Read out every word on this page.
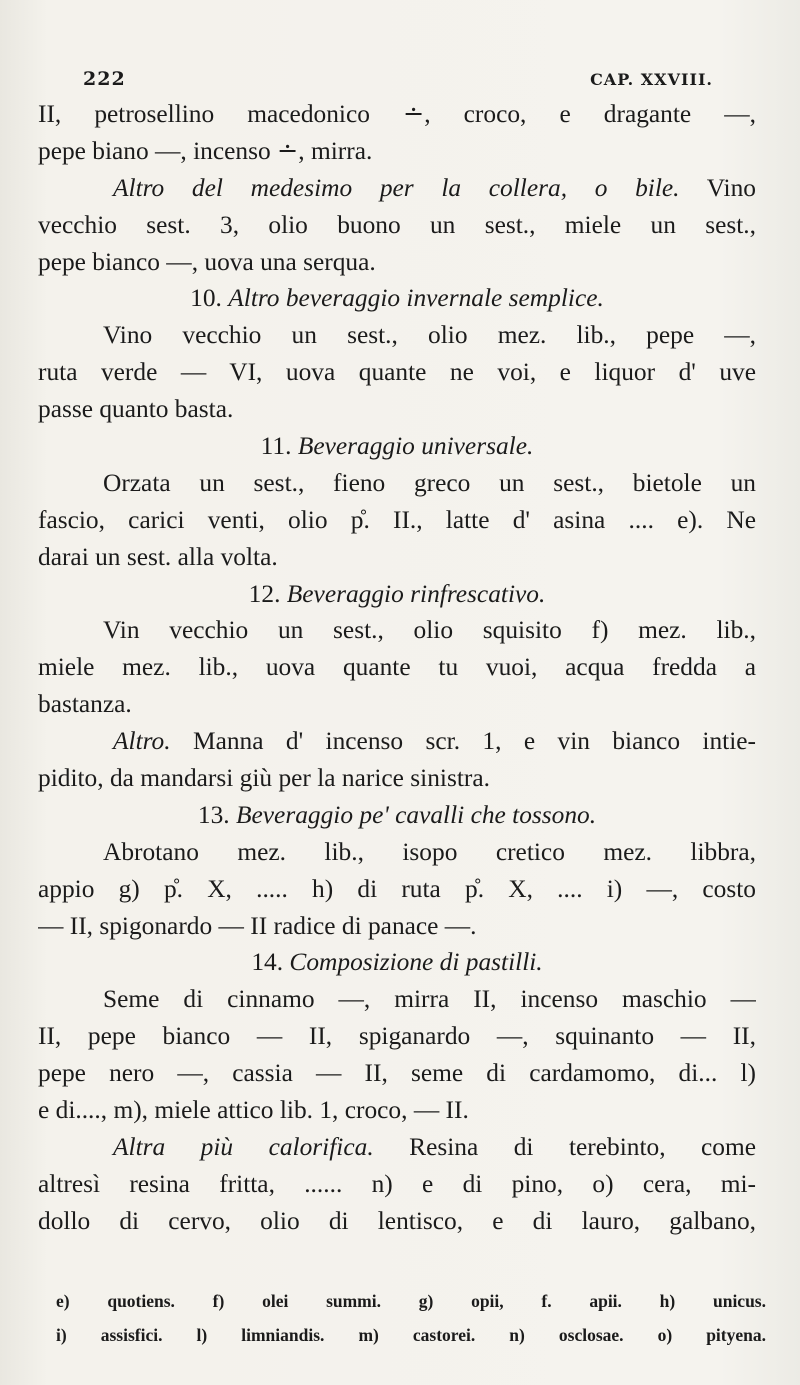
222	CAP. XXVIII.
II, petrosellino macedonico ∸, croco, e dragante —,
pepe biano —, incenso ∸, mirra.
Altro del medesimo per la collera, o bile. Vino
vecchio sest. 3, olio buono un sest., miele un sest.,
pepe bianco —, uova una serqua.
10. Altro beveraggio invernale semplice.
Vino vecchio un sest., olio mez. lib., pepe —,
ruta verde — VI, uova quante ne voi, e liquor d' uve
passe quanto basta.
11. Beveraggio universale.
Orzata un sest., fieno greco un sest., bietole un
fascio, carici venti, olio p̊. II., latte d' asina .... e). Ne
darai un sest. alla volta.
12. Beveraggio rinfrescativo.
Vin vecchio un sest., olio squisito f) mez. lib.,
miele mez. lib., uova quante tu vuoi, acqua fredda a
bastanza.
Altro. Manna d' incenso scr. 1, e vin bianco intie-
pidito, da mandarsi giù per la narice sinistra.
13. Beveraggio pe' cavalli che tossono.
Abrotano mez. lib., isopo cretico mez. libbra,
appio g) p̊. X, ..... h) di ruta p̊. X, .... i) —, costo
— II, spigonardo — II radice di panace —.
14. Composizione di pastilli.
Seme di cinnamo —, mirra II, incenso maschio —
II, pepe bianco — II, spiganardo —, squinanto — II,
pepe nero —, cassia — II, seme di cardamomo, di... l)
e di...., m), miele attico lib. 1, croco, — II.
Altra più calorifica. Resina di terebinto, come
altresì resina fritta, ...... n) e di pino, o) cera, mi-
dollo di cervo, olio di lentisco, e di lauro, galbano,
e) quotiens. f) olei summi. g) opii, f. apii. h) unicus.
i) assisfici. l) limniandis. m) castorei. n) osclosae. o) pityena.
